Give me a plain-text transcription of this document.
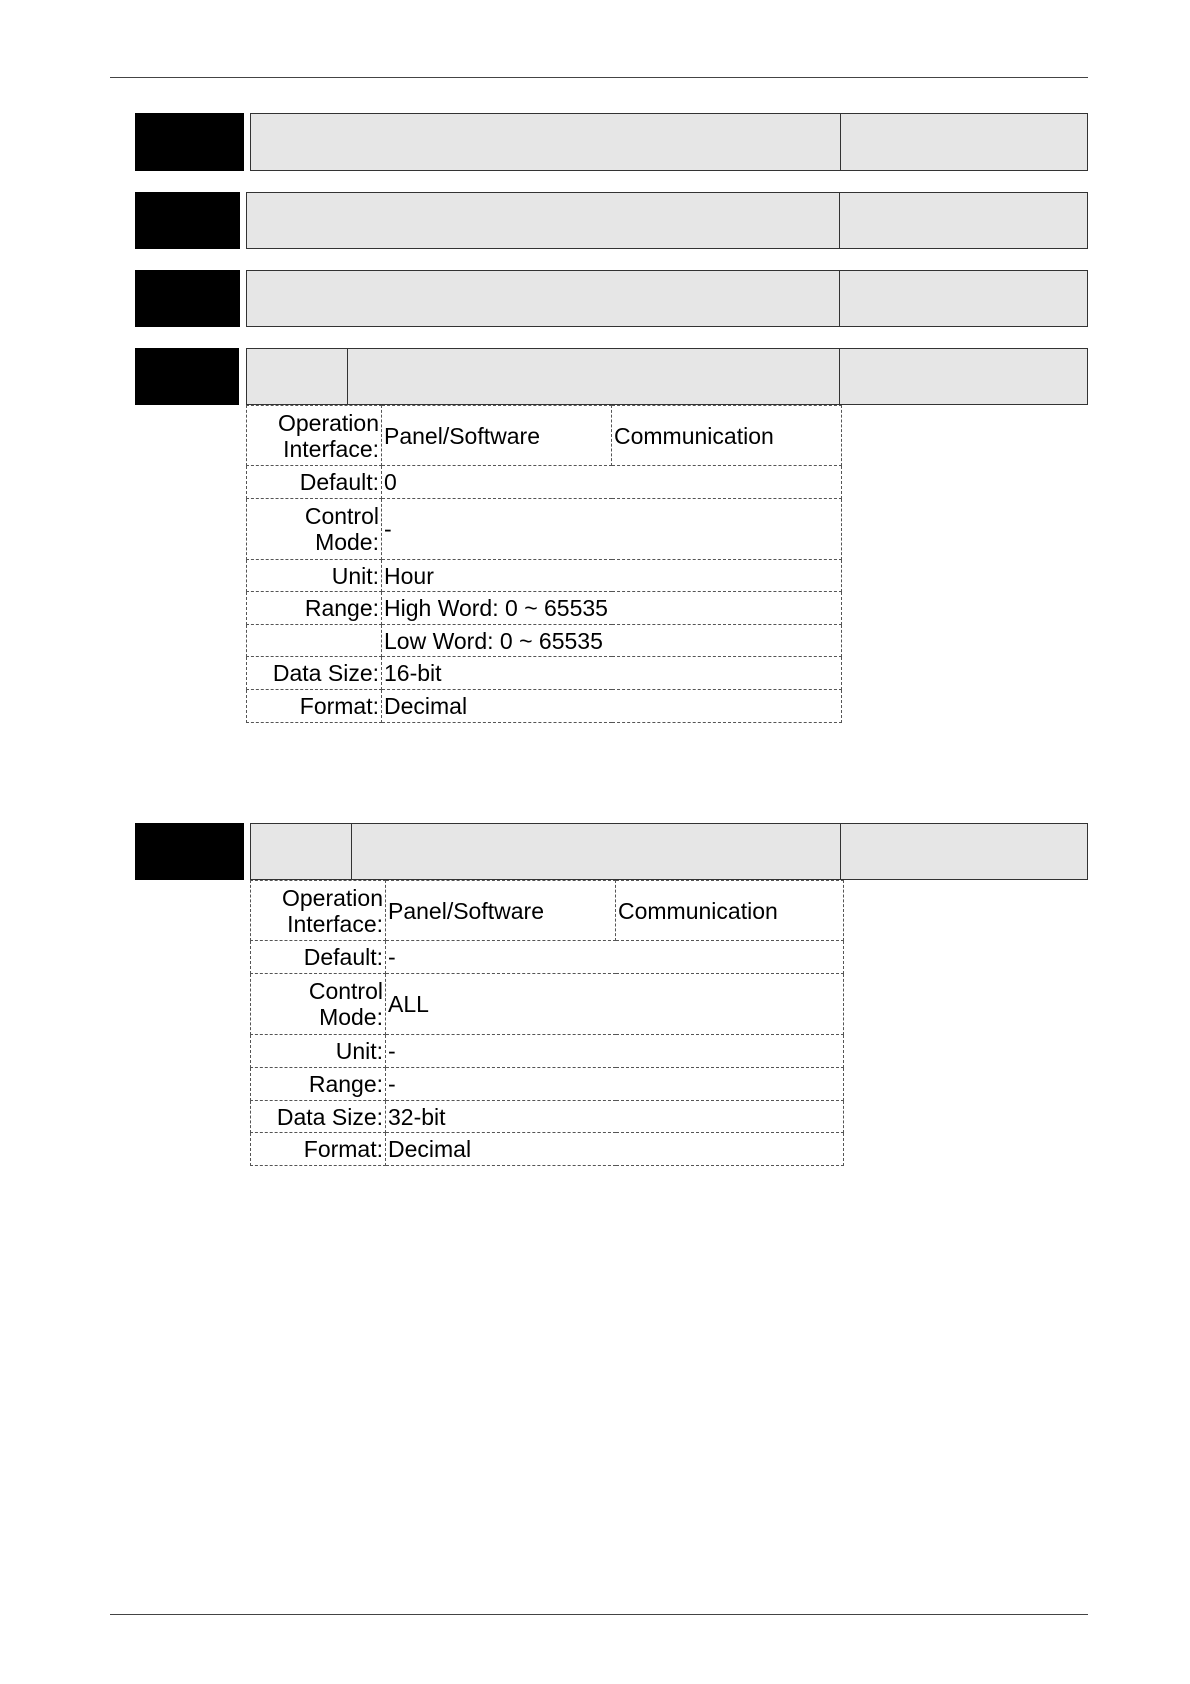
Operation Interface:	Panel/Software	Communication
Default:	0	
Control Mode:	-	
Unit:	Hour	
Range:	High Word: 0 ~ 65535	
	Low Word: 0 ~ 65535	
Data Size:	16-bit	
Format:	Decimal	
Operation Interface:	Panel/Software	Communication
Default:	-	
Control Mode:	ALL	
Unit:	-	
Range:	-	
Data Size:	32-bit	
Format:	Decimal	
